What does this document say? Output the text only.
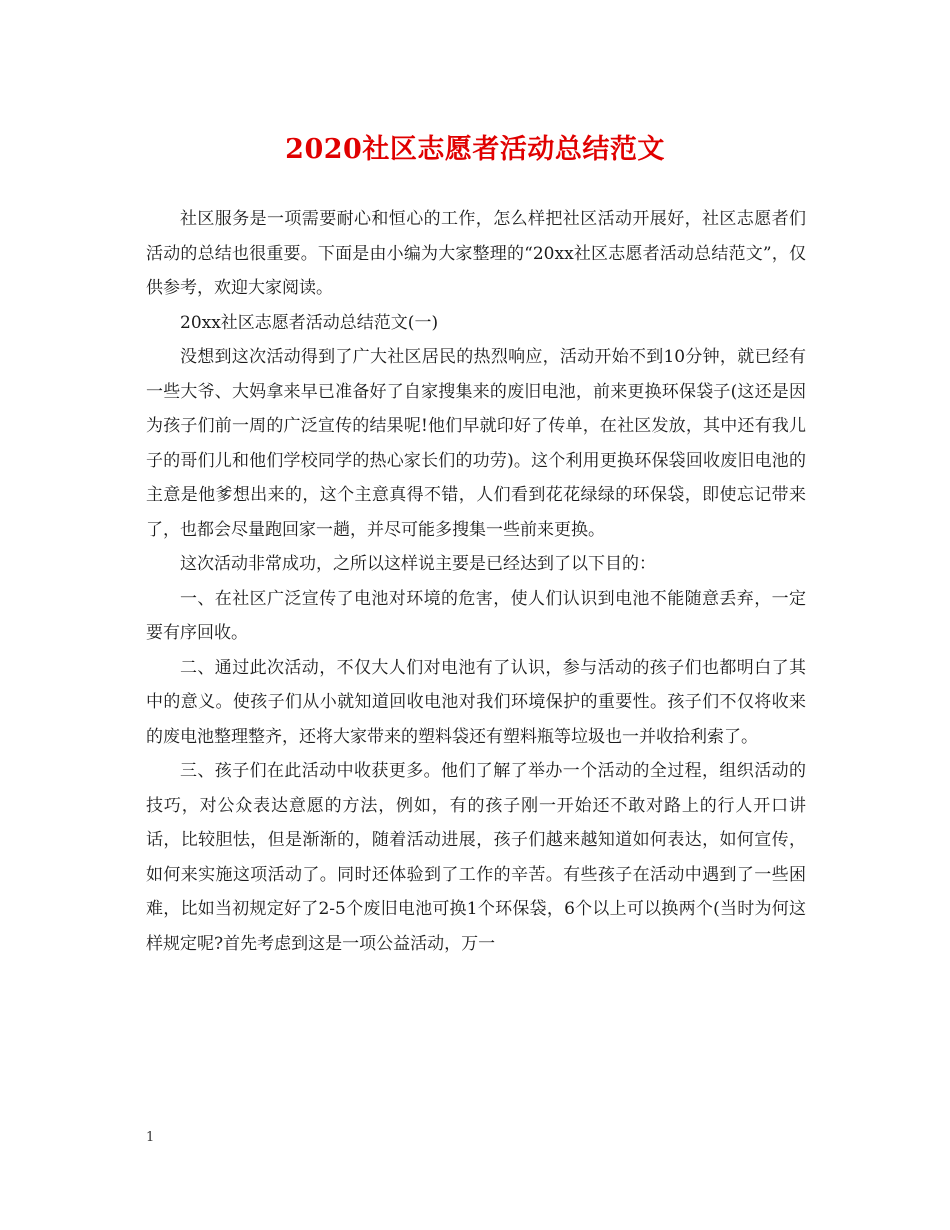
2020社区志愿者活动总结范文

社区服务是一项需要耐心和恒心的工作，怎么样把社区活动开展好，社区志愿者们活动的总结也很重要。下面是由小编为大家整理的“20xx社区志愿者活动总结范文”，仅供参考，欢迎大家阅读。

20xx社区志愿者活动总结范文(一)

没想到这次活动得到了广大社区居民的热烈响应，活动开始不到10分钟，就已经有一些大爷、大妈拿来早已准备好了自家搜集来的废旧电池，前来更换环保袋子(这还是因为孩子们前一周的广泛宣传的结果呢!他们早就印好了传单，在社区发放，其中还有我儿子的哥们儿和他们学校同学的热心家长们的功劳)。这个利用更换环保袋回收废旧电池的主意是他爹想出来的，这个主意真得不错，人们看到花花绿绿的环保袋，即使忘记带来了，也都会尽量跑回家一趟，并尽可能多搜集一些前来更换。

这次活动非常成功，之所以这样说主要是已经达到了以下目的：

一、在社区广泛宣传了电池对环境的危害，使人们认识到电池不能随意丢弃，一定要有序回收。

二、通过此次活动，不仅大人们对电池有了认识，参与活动的孩子们也都明白了其中的意义。使孩子们从小就知道回收电池对我们环境保护的重要性。孩子们不仅将收来的废电池整理整齐，还将大家带来的塑料袋还有塑料瓶等垃圾也一并收拾利索了。

三、孩子们在此活动中收获更多。他们了解了举办一个活动的全过程，组织活动的技巧，对公众表达意愿的方法，例如，有的孩子刚一开始还不敢对路上的行人开口讲话，比较胆怯，但是渐渐的，随着活动进展，孩子们越来越知道如何表达，如何宣传，如何来实施这项活动了。同时还体验到了工作的辛苦。有些孩子在活动中遇到了一些困难，比如当初规定好了2-5个废旧电池可换1个环保袋，6个以上可以换两个(当时为何这样规定呢?首先考虑到这是一项公益活动，万一

1
